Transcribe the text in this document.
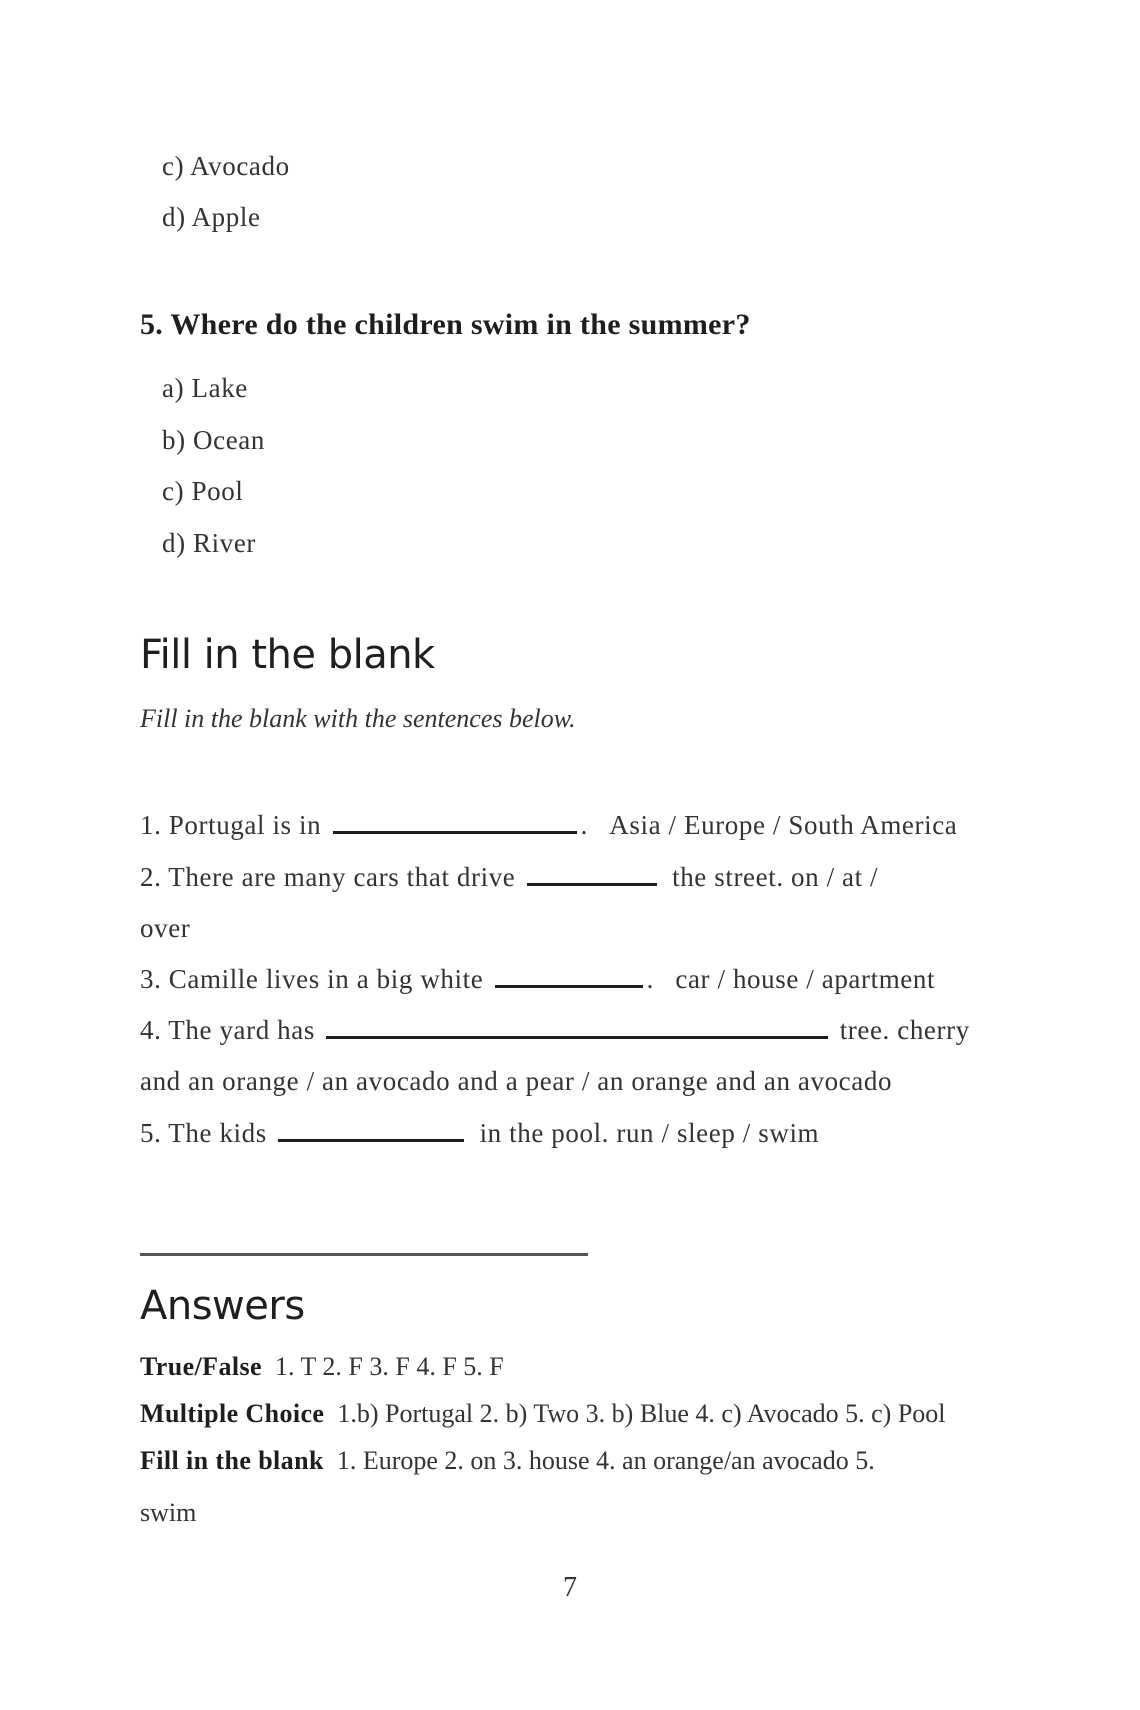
c) Avocado
d) Apple
5. Where do the children swim in the summer?
a) Lake
b) Ocean
c) Pool
d) River
Fill in the blank
Fill in the blank with the sentences below.
1. Portugal is in	. Asia / Europe / South America
2. There are many cars that drive	the street. on / at /
over
3. Camille lives in a big white	. car / house / apartment
4. The yard has	tree. cherry
and an orange / an avocado and a pear / an orange and an avocado
5. The kids	in the pool. run / sleep / swim
Answers
True/False 1. T 2. F 3. F 4. F 5. F
Multiple Choice 1.b) Portugal 2. b) Two 3. b) Blue 4. c) Avocado 5. c) Pool
Fill in the blank 1. Europe 2. on 3. house 4. an orange/an avocado 5.
swim
7
